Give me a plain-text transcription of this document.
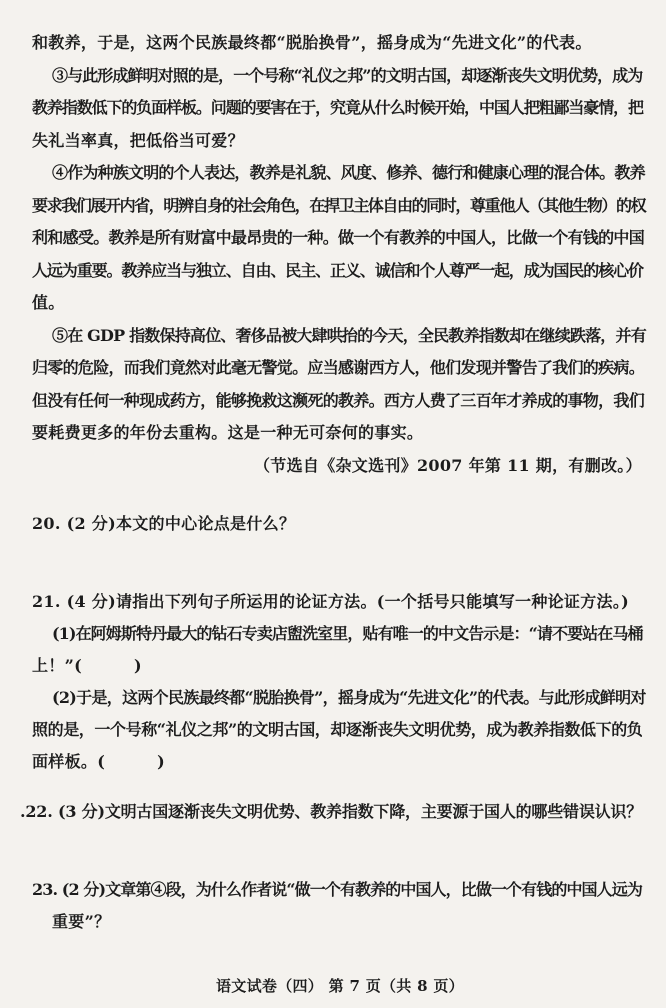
和教养，于是，这两个民族最终都“脱胎换骨”，摇身成为“先进文化”的代表。
③与此形成鲜明对照的是，一个号称“礼仪之邦”的文明古国，却逐渐丧失文明优势，成为
教养指数低下的负面样板。问题的要害在于，究竟从什么时候开始，中国人把粗鄙当豪情，把
失礼当率真，把低俗当可爱？
④作为种族文明的个人表达，教养是礼貌、风度、修养、德行和健康心理的混合体。教养
要求我们展开内省，明辨自身的社会角色，在捍卫主体自由的同时，尊重他人（其他生物）的权
利和感受。教养是所有财富中最昂贵的一种。做一个有教养的中国人，比做一个有钱的中国
人远为重要。教养应当与独立、自由、民主、正义、诚信和个人尊严一起，成为国民的核心价
值。
⑤在 GDP 指数保持高位、奢侈品被大肆哄抬的今天，全民教养指数却在继续跌落，并有
归零的危险，而我们竟然对此毫无警觉。应当感谢西方人，他们发现并警告了我们的疾病。
但没有任何一种现成药方，能够挽救这濒死的教养。西方人费了三百年才养成的事物，我们
要耗费更多的年份去重构。这是一种无可奈何的事实。
（节选自《杂文选刊》2007 年第 11 期，有删改。）
20. (2 分)本文的中心论点是什么？
21. (4 分)请指出下列句子所运用的论证方法。(一个括号只能填写一种论证方法。)
(1)在阿姆斯特丹最大的钻石专卖店盥洗室里，贴有唯一的中文告示是：“请不要站在马桶
上！”(	)
(2)于是，这两个民族最终都“脱胎换骨”，摇身成为“先进文化”的代表。与此形成鲜明对
照的是，一个号称“礼仪之邦”的文明古国，却逐渐丧失文明优势，成为教养指数低下的负
面样板。(	)
.22. (3 分)文明古国逐渐丧失文明优势、教养指数下降，主要源于国人的哪些错误认识？
23. (2 分)文章第④段，为什么作者说“做一个有教养的中国人，比做一个有钱的中国人远为
重要”？
语文试卷（四） 第 7 页（共 8 页）
